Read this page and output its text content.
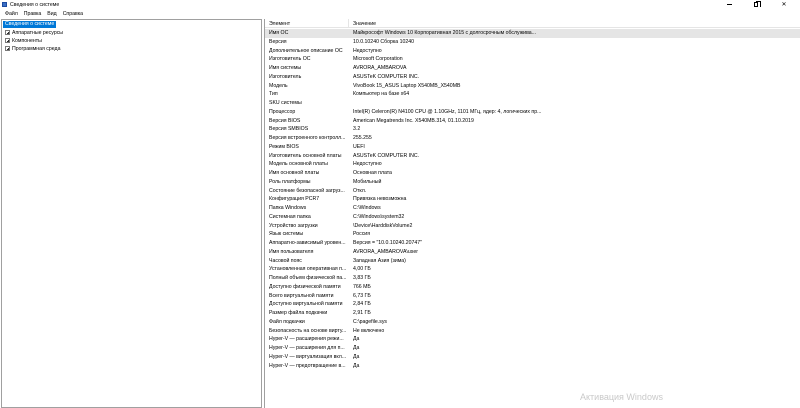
Сведения о системе	✕
Файл	Правка	Вид	Справка
Сведения о системе
Аппаратные ресурсы
Компоненты
Программная среда
Элемент	Значение
Имя ОС	Майкрософт Windows 10 Корпоративная 2015 с долгосрочным обслужива...
Версия	10.0.10240 Сборка 10240
Дополнительное описание ОС	Недоступно
Изготовитель ОС	Microsoft Corporation
Имя системы	AVRORA_AMBAROVA
Изготовитель	ASUSTeK COMPUTER INC.
Модель	VivoBook 15_ASUS Laptop X540MB_X540MB
Тип	Компьютер на базе x64
SKU системы
Процессор	Intel(R) Celeron(R) N4100 CPU @ 1.10GHz, 1101 МГц, ядер: 4, логических пр...
Версия BIOS	American Megatrends Inc. X540MB.314, 01.10.2019
Версия SMBIOS	3.2
Версия встроенного контролл...	255.255
Режим BIOS	UEFI
Изготовитель основной платы	ASUSTeK COMPUTER INC.
Модель основной платы	Недоступно
Имя основной платы	Основная плата
Роль платформы	Мобильный
Состояние безопасной загруз...	Откл.
Конфигурация PCR7	Привязка невозможна
Папка Windows	C:\Windows
Системная папка	C:\Windows\system32
Устройство загрузки	\Device\HarddiskVolume2
Язык системы	Россия
Аппаратно-зависимый уровен...	Версия = "10.0.10240.20747"
Имя пользователя	AVRORA_AMBAROVA\user
Часовой пояс	Западная Азия (зима)
Установленная оперативная п...	4,00 ГБ
Полный объем физической па...	3,83 ГБ
Доступно физической памяти	766 МБ
Всего виртуальной памяти	6,73 ГБ
Доступно виртуальной памяти	2,84 ГБ
Размер файла подкачки	2,91 ГБ
Файл подкачки	C:\pagefile.sys
Безопасность на основе вирту...	Не включено
Hyper-V — расширения режи...	Да
Hyper-V — расширения для п...	Да
Hyper-V — виртуализация вкл...	Да
Hyper-V — предотвращение в...	Да
Активация Windows
